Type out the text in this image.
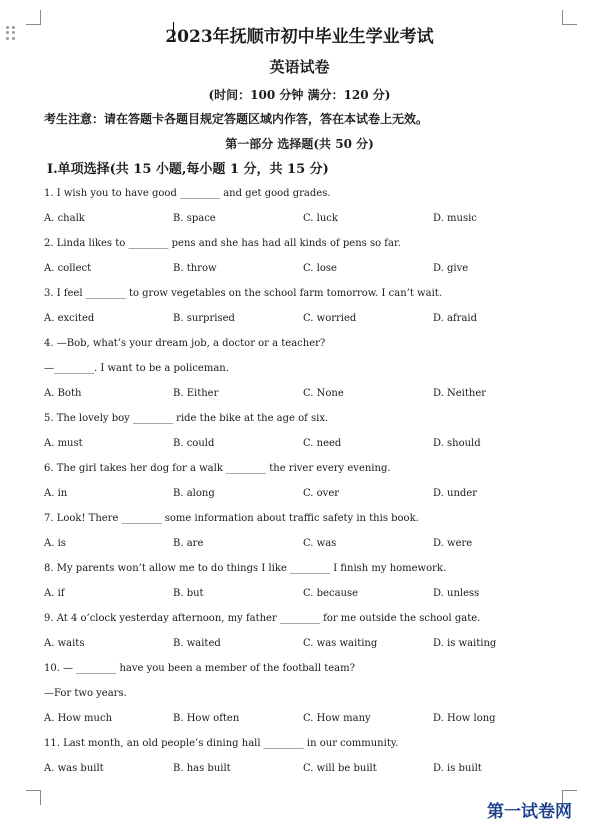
2023年抚顺市初中毕业生学业考试
英语试卷
(时间：100 分钟 满分：120 分)
考生注意：请在答题卡各题目规定答题区域内作答，答在本试卷上无效。
第一部分 选择题(共 50 分)
I.单项选择(共 15 小题,每小题 1 分，共 15 分)
1. I wish you to have good ________ and get good grades.
A. chalk	B. space	C. luck	D. music
2. Linda likes to ________ pens and she has had all kinds of pens so far.
A. collect	B. throw	C. lose	D. give
3. I feel ________ to grow vegetables on the school farm tomorrow. I can’t wait.
A. excited	B. surprised	C. worried	D. afraid
4. —Bob, what’s your dream job, a doctor or a teacher?
—________. I want to be a policeman.
A. Both	B. Either	C. None	D. Neither
5. The lovely boy ________ ride the bike at the age of six.
A. must	B. could	C. need	D. should
6. The girl takes her dog for a walk ________ the river every evening.
A. in	B. along	C. over	D. under
7. Look! There ________ some information about traffic safety in this book.
A. is	B. are	C. was	D. were
8. My parents won’t allow me to do things I like ________ I finish my homework.
A. if	B. but	C. because	D. unless
9. At 4 o’clock yesterday afternoon, my father ________ for me outside the school gate.
A. waits	B. waited	C. was waiting	D. is waiting
10. — ________ have you been a member of the football team?
—For two years.
A. How much	B. How often	C. How many	D. How long
11. Last month, an old people’s dining hall ________ in our community.
A. was built	B. has built	C. will be built	D. is built
第一试卷网
